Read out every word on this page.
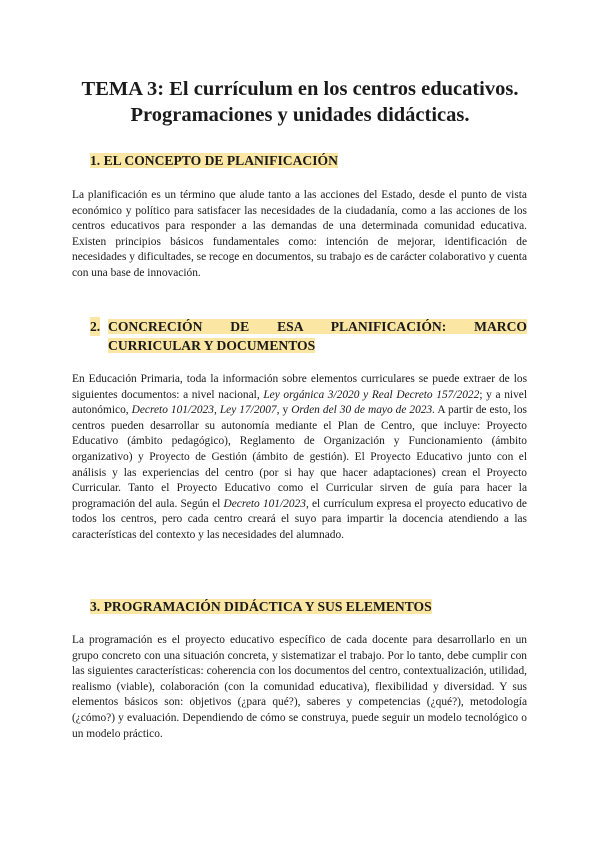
TEMA 3: El currículum en los centros educativos.
Programaciones y unidades didácticas.
1. EL CONCEPTO DE PLANIFICACIÓN

La planificación es un término que alude tanto a las acciones del Estado, desde el punto de vista económico y político para satisfacer las necesidades de la ciudadanía, como a las acciones de los centros educativos para responder a las demandas de una determinada comunidad educativa. Existen principios básicos fundamentales como: intención de mejorar, identificación de necesidades y dificultades, se recoge en documentos, su trabajo es de carácter colaborativo y cuenta con una base de innovación.

2. CONCRECIÓN DE ESA PLANIFICACIÓN: MARCO
CURRICULAR Y DOCUMENTOS

En Educación Primaria, toda la información sobre elementos curriculares se puede extraer de los siguientes documentos: a nivel nacional, Ley orgánica 3/2020 y Real Decreto 157/2022; y a nivel autonómico, Decreto 101/2023, Ley 17/2007, y Orden del 30 de mayo de 2023. A partir de esto, los centros pueden desarrollar su autonomía mediante el Plan de Centro, que incluye: Proyecto Educativo (ámbito pedagógico), Reglamento de Organización y Funcionamiento (ámbito organizativo) y Proyecto de Gestión (ámbito de gestión). El Proyecto Educativo junto con el análisis y las experiencias del centro (por si hay que hacer adaptaciones) crean el Proyecto Curricular. Tanto el Proyecto Educativo como el Curricular sirven de guía para hacer la programación del aula. Según el Decreto 101/2023, el currículum expresa el proyecto educativo de todos los centros, pero cada centro creará el suyo para impartir la docencia atendiendo a las características del contexto y las necesidades del alumnado.

3. PROGRAMACIÓN DIDÁCTICA Y SUS ELEMENTOS

La programación es el proyecto educativo específico de cada docente para desarrollarlo en un grupo concreto con una situación concreta, y sistematizar el trabajo. Por lo tanto, debe cumplir con las siguientes características: coherencia con los documentos del centro, contextualización, utilidad, realismo (viable), colaboración (con la comunidad educativa), flexibilidad y diversidad. Y sus elementos básicos son: objetivos (¿para qué?), saberes y competencias (¿qué?), metodología (¿cómo?) y evaluación. Dependiendo de cómo se construya, puede seguir un modelo tecnológico o un modelo práctico.
